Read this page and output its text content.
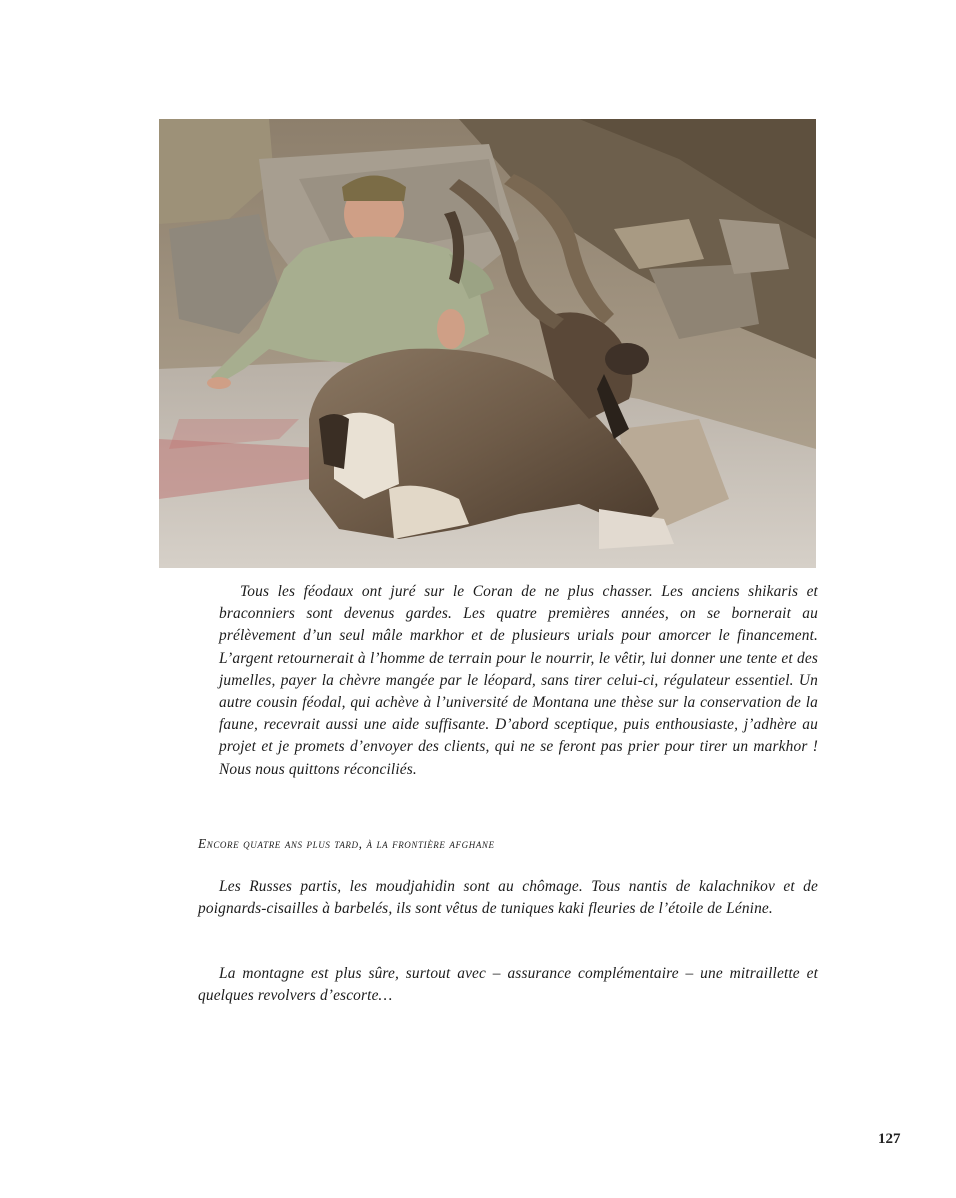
Tous les féodaux ont juré sur le Coran de ne plus chasser. Les anciens shikaris et braconniers sont devenus gardes. Les quatre premières années, on se bornerait au prélèvement d’un seul mâle markhor et de plusieurs urials pour amorcer le financement. L’argent retournerait à l’homme de terrain pour le nourrir, le vêtir, lui donner une tente et des jumelles, payer la chèvre mangée par le léopard, sans tirer celui-ci, régulateur essentiel. Un autre cousin féodal, qui achève à l’université de Montana une thèse sur la conservation de la faune, recevrait aussi une aide suffisante. D’abord sceptique, puis enthousiaste, j’adhère au projet et je promets d’envoyer des clients, qui ne se feront pas prier pour tirer un markhor ! Nous nous quittons réconciliés.
Encore quatre ans plus tard, à la frontière afghane
Les Russes partis, les moudjahidin sont au chômage. Tous nantis de kalachnikov et de poignards-cisailles à barbelés, ils sont vêtus de tuniques kaki fleuries de l’étoile de Lénine.
La montagne est plus sûre, surtout avec – assurance complémentaire – une mitraillette et quelques revolvers d’escorte…
127
